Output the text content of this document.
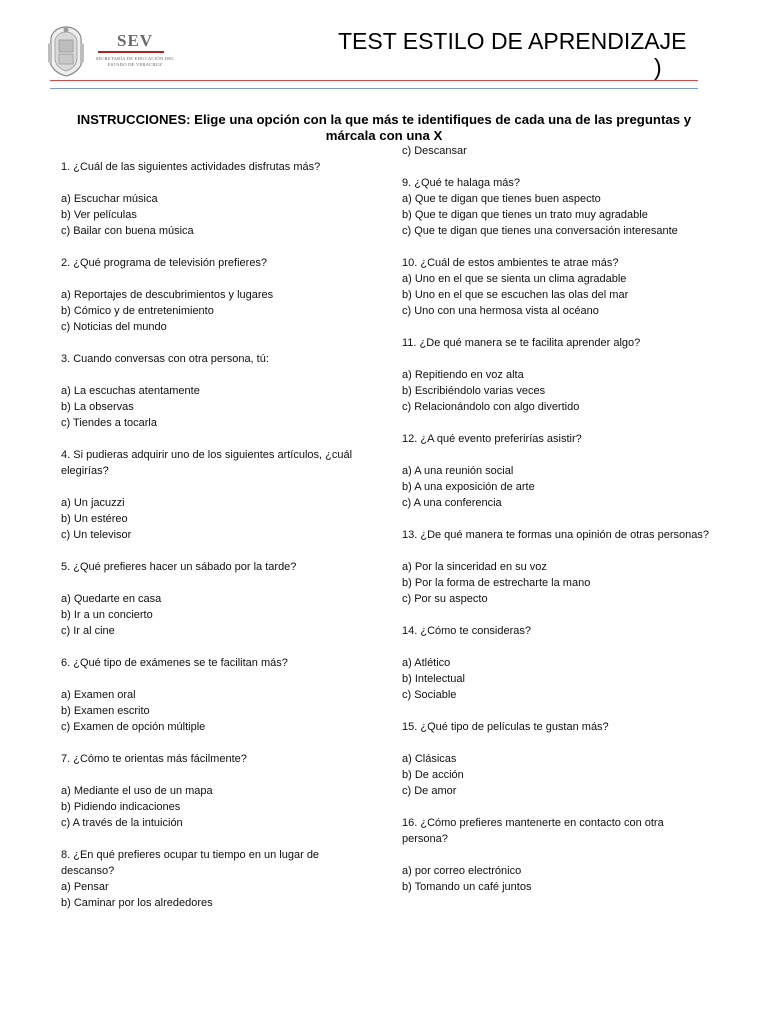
SEV
SECRETARÍA DE EDUCACIÓN DEL ESTADO DE VERACRUZ
TEST ESTILO DE APRENDIZAJE
)
INSTRUCCIONES: Elige una opción con la que más te identifiques de cada una de las preguntas y márcala con una X
1. ¿Cuál de las siguientes actividades disfrutas más?
a) Escuchar música
b) Ver películas
c) Bailar con buena música
2. ¿Qué programa de televisión prefieres?
a) Reportajes de descubrimientos y lugares
b) Cómico y de entretenimiento
c) Noticias del mundo
3. Cuando conversas con otra persona, tú:
a) La escuchas atentamente
b) La observas
c) Tiendes a tocarla
4. Si pudieras adquirir uno de los siguientes artículos, ¿cuál elegirías?
a) Un jacuzzi
b) Un estéreo
c) Un televisor
5. ¿Qué prefieres hacer un sábado por la tarde?
a) Quedarte en casa
b) Ir a un concierto
c) Ir al cine
6. ¿Qué tipo de exámenes se te facilitan más?
a) Examen oral
b) Examen escrito
c) Examen de opción múltiple
7. ¿Cómo te orientas más fácilmente?
a) Mediante el uso de un mapa
b) Pidiendo indicaciones
c) A través de la intuición
8. ¿En qué prefieres ocupar tu tiempo en un lugar de descanso?
a) Pensar
b) Caminar por los alrededores
c) Descansar
9. ¿Qué te halaga más?
a) Que te digan que tienes buen aspecto
b) Que te digan que tienes un trato muy agradable
c) Que te digan que tienes una conversación interesante
10. ¿Cuál de estos ambientes te atrae más?
a) Uno en el que se sienta un clima agradable
b) Uno en el que se escuchen las olas del mar
c) Uno con una hermosa vista al océano
11. ¿De qué manera se te facilita aprender algo?
a) Repitiendo en voz alta
b) Escribiéndolo varias veces
c) Relacionándolo con algo divertido
12. ¿A qué evento preferirías asistir?
a) A una reunión social
b) A una exposición de arte
c) A una conferencia
13. ¿De qué manera te formas una opinión de otras personas?
a) Por la sinceridad en su voz
b) Por la forma de estrecharte la mano
c) Por su aspecto
14. ¿Cómo te consideras?
a) Atlético
b) Intelectual
c) Sociable
15. ¿Qué tipo de películas te gustan más?
a) Clásicas
b) De acción
c) De amor
16. ¿Cómo prefieres mantenerte en contacto con otra persona?
a) por correo electrónico
b) Tomando un café juntos
